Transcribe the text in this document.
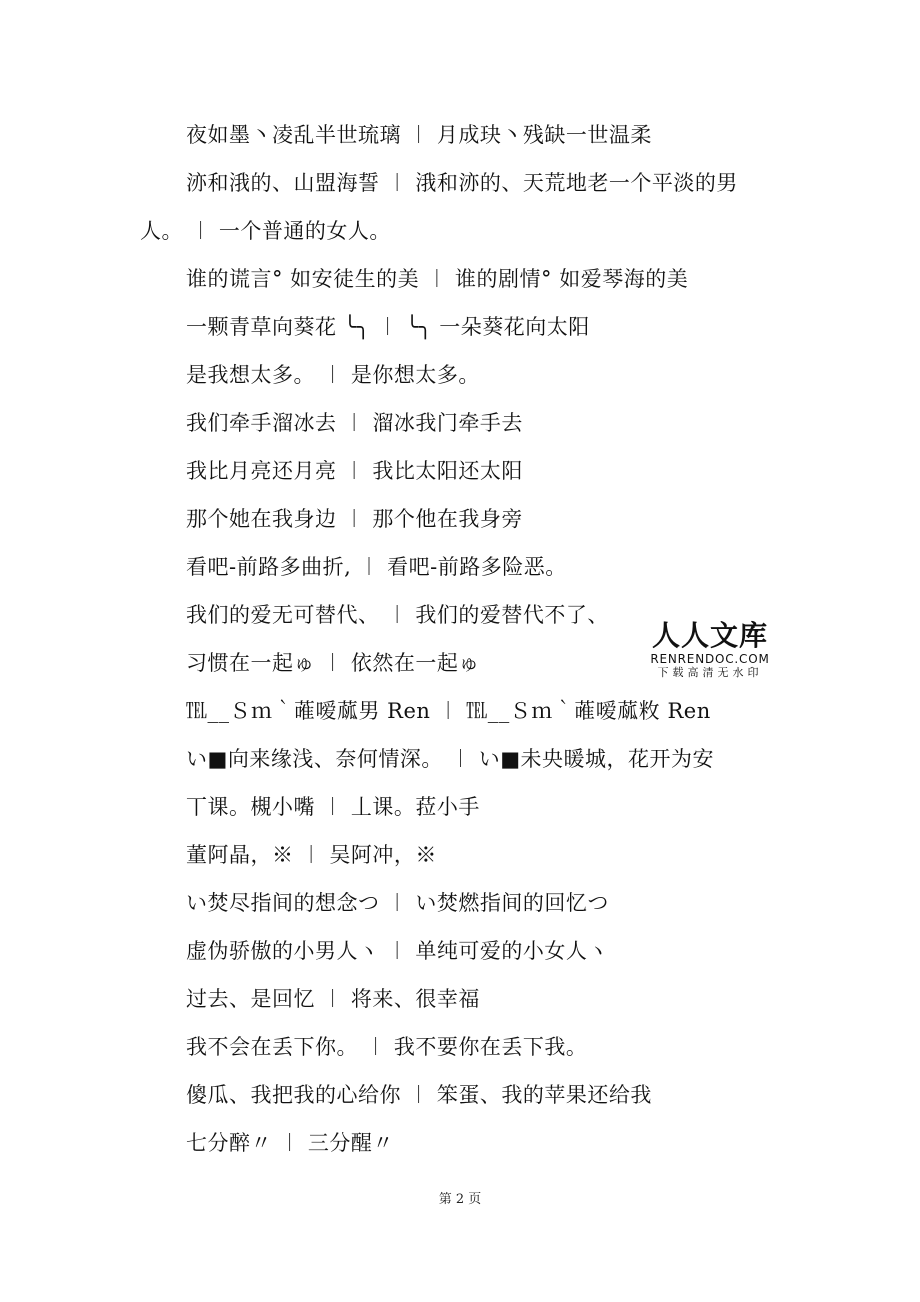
夜如墨丶凌乱半世琉璃 ︱ 月成玦丶残缺一世温柔
洂和涐的、山盟海誓 ︱ 涐和洂的、天荒地老一个平淡的男
人。 ︱ 一个普通的女人。
谁的谎言° 如安徒生的美 ︱ 谁的剧情° 如爱琴海的美
一颗青草向葵花 ╰╮ ︱ ╰╮ 一朵葵花向太阳
是我想太多。 ︱ 是你想太多。
我们牵手溜冰去 ︱ 溜冰我门牵手去
我比月亮还月亮 ︱ 我比太阳还太阳
那个她在我身边 ︱ 那个他在我身旁
看吧-前路多曲折, ︱ 看吧-前路多险恶。
我们的爱无可替代、 ︱ 我们的爱替代不了、
习惯在一起ゅ ︱ 依然在一起ゅ
℡__Ｓｍ｀蓶嗳蓏男 Ren ︱ ℡__Ｓｍ｀蓶嗳蓏敉 Ren
い■向来缘浅、奈何情深。 ︱ い■未央暖城，花开为安
丅课。槻小嘴 ︱ 丄课。菈小手
董阿晶，※ ︱ 吴阿冲，※
い焚尽指间的想念つ ︱ い焚燃指间的回忆つ
虚伪骄傲的小男人ヽ ︱ 单纯可爱的小女人ヽ
过去、是回忆 ︱ 将来、很幸福
我不会在丢下你。 ︱ 我不要你在丢下我。
傻瓜、我把我的心给你 ︱ 笨蛋、我的苹果还给我
七分醉〃 ︱ 三分醒〃
人人文库
RENRENDOC.COM
下载高清无水印
第 2 页
